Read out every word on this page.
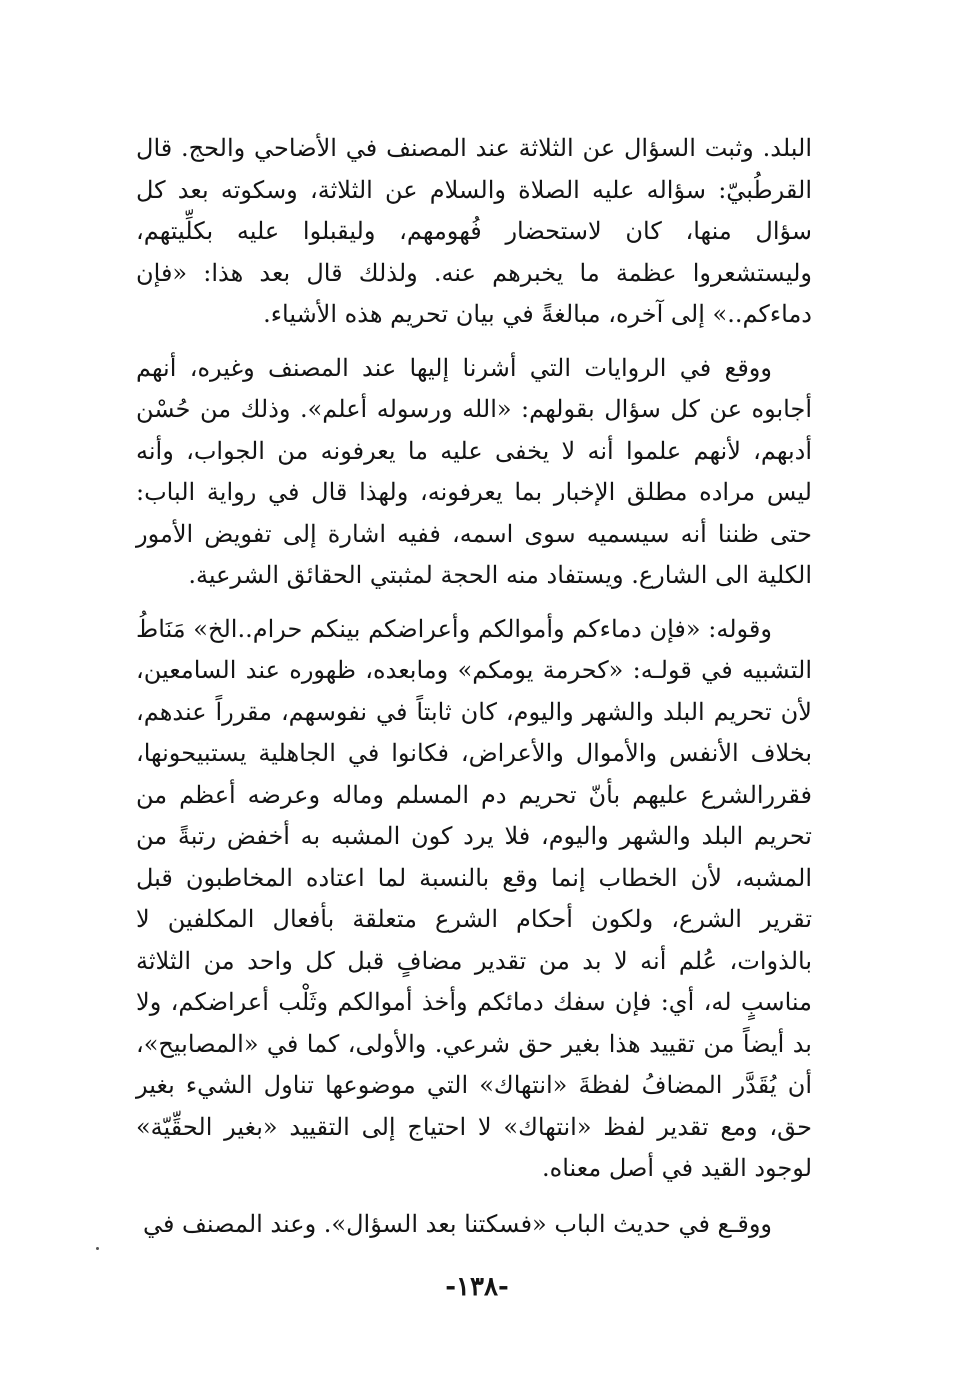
البلد. وثبت السؤال عن الثلاثة عند المصنف في الأضاحي والحج. قال القرطُبيّ: سؤاله عليه الصلاة والسلام عن الثلاثة، وسكوته بعد كل سؤال منها، كان لاستحضار فُهومهم، وليقبلوا عليه بكلِّيتهم، وليستشعروا عظمة ما يخبرهم عنه. ولذلك قال بعد هذا: «فإن دماءكم..» إلى آخره، مبالغةً في بيان تحريم هذه الأشياء.

ووقع في الروايات التي أشرنا إليها عند المصنف وغيره، أنهم أجابوه عن كل سؤال بقولهم: «الله ورسوله أعلم». وذلك من حُسْن أدبهم، لأنهم علموا أنه لا يخفى عليه ما يعرفونه من الجواب، وأنه ليس مراده مطلق الإخبار بما يعرفونه، ولهذا قال في رواية الباب: حتى ظننا أنه سيسميه سوى اسمه، ففيه اشارة إلى تفويض الأمور الكلية الى الشارع. ويستفاد منه الحجة لمثبتي الحقائق الشرعية.

وقوله: «فإن دماءكم وأموالكم وأعراضكم بينكم حرام..الخ» مَنَاطُ التشبيه في قولـه: «كحرمة يومكم» ومابعده، ظهوره عند السامعين، لأن تحريم البلد والشهر واليوم، كان ثابتاً في نفوسهم، مقرراً عندهم، بخلاف الأنفس والأموال والأعراض، فكانوا في الجاهلية يستبيحونها، فقررالشرع عليهم بأنّ تحريم دم المسلم وماله وعرضه أعظم من تحريم البلد والشهر واليوم، فلا يرد كون المشبه به أخفض رتبةً من المشبه، لأن الخطاب إنما وقع بالنسبة لما اعتاده المخاطبون قبل تقرير الشرع، ولكون أحكام الشرع متعلقة بأفعال المكلفين لا بالذوات، عُلم أنه لا بد من تقدير مضافٍ قبل كل واحد من الثلاثة مناسبٍ له، أي: فإن سفك دمائكم وأخذ أموالكم وثَلْب أعراضكم، ولا بد أيضاً من تقييد هذا بغير حق شرعي. والأولى، كما في «المصابيح»، أن يُقَدَّر المضافُ لفظةَ «انتهاك» التي موضوعها تناول الشيء بغير حق، ومع تقدير لفظ «انتهاك» لا احتياج إلى التقييد «بغير الحقِّيّة» لوجود القيد في أصل معناه.

ووقـع في حديث الباب «فسكتنا بعد السؤال». وعند المصنف في

-١٣٨-
